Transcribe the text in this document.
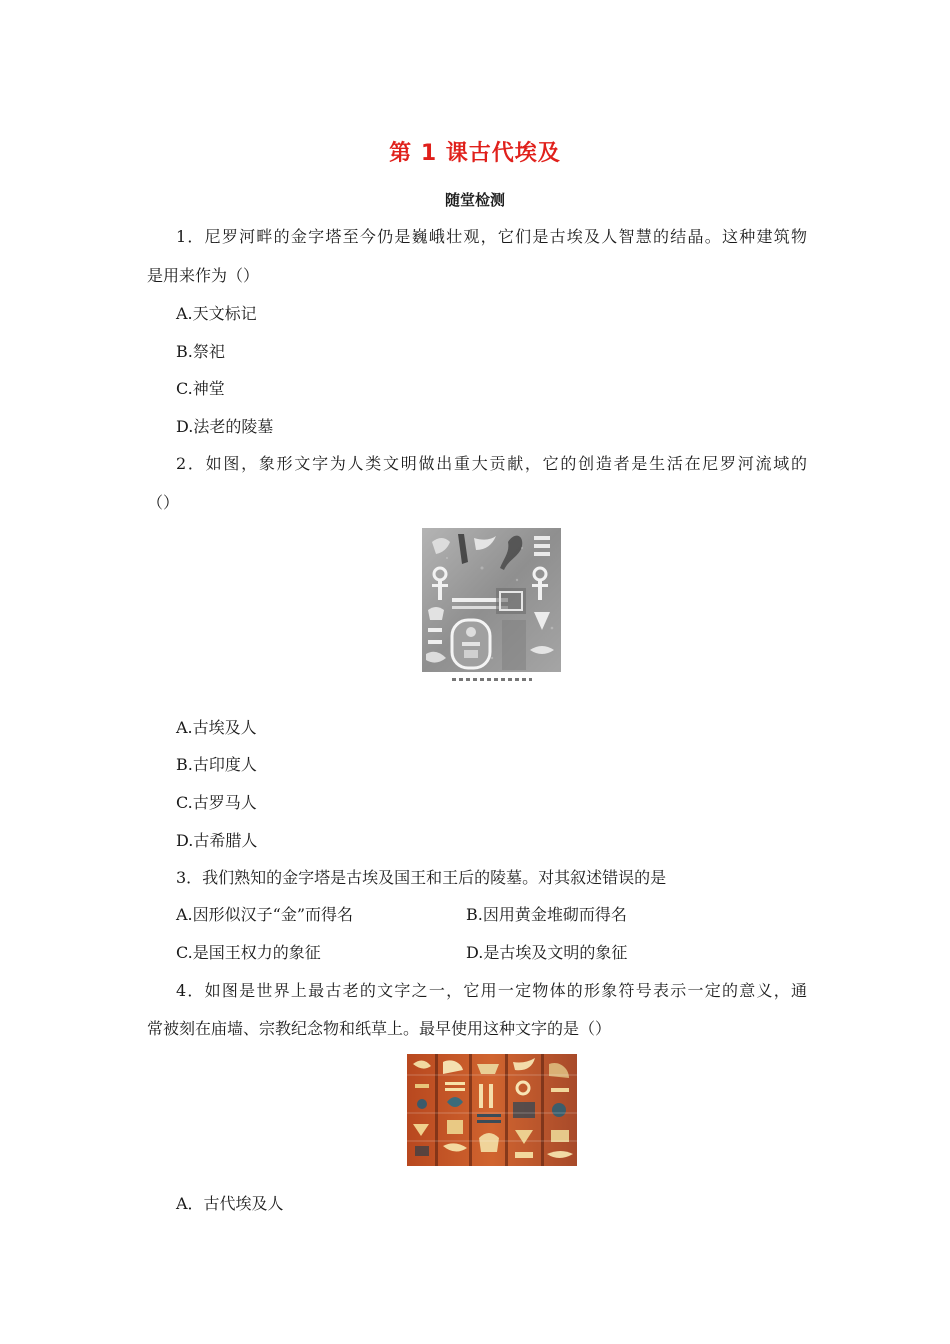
第 1 课古代埃及
随堂检测
1．尼罗河畔的金字塔至今仍是巍峨壮观，它们是古埃及人智慧的结晶。这种建筑物
是用来作为（）
A.天文标记
B.祭祀
C.神堂
D.法老的陵墓
2．如图，象形文字为人类文明做出重大贡献，它的创造者是生活在尼罗河流域的
（）
A.古埃及人
B.古印度人
C.古罗马人
D.古希腊人
3．我们熟知的金字塔是古埃及国王和王后的陵墓。对其叙述错误的是
A.因形似汉子“金”而得名	B.因用黄金堆砌而得名
C.是国王权力的象征	D.是古埃及文明的象征
4．如图是世界上最古老的文字之一，它用一定物体的形象符号表示一定的意义，通
常被刻在庙墙、宗教纪念物和纸草上。最早使用这种文字的是（）
A．古代埃及人
